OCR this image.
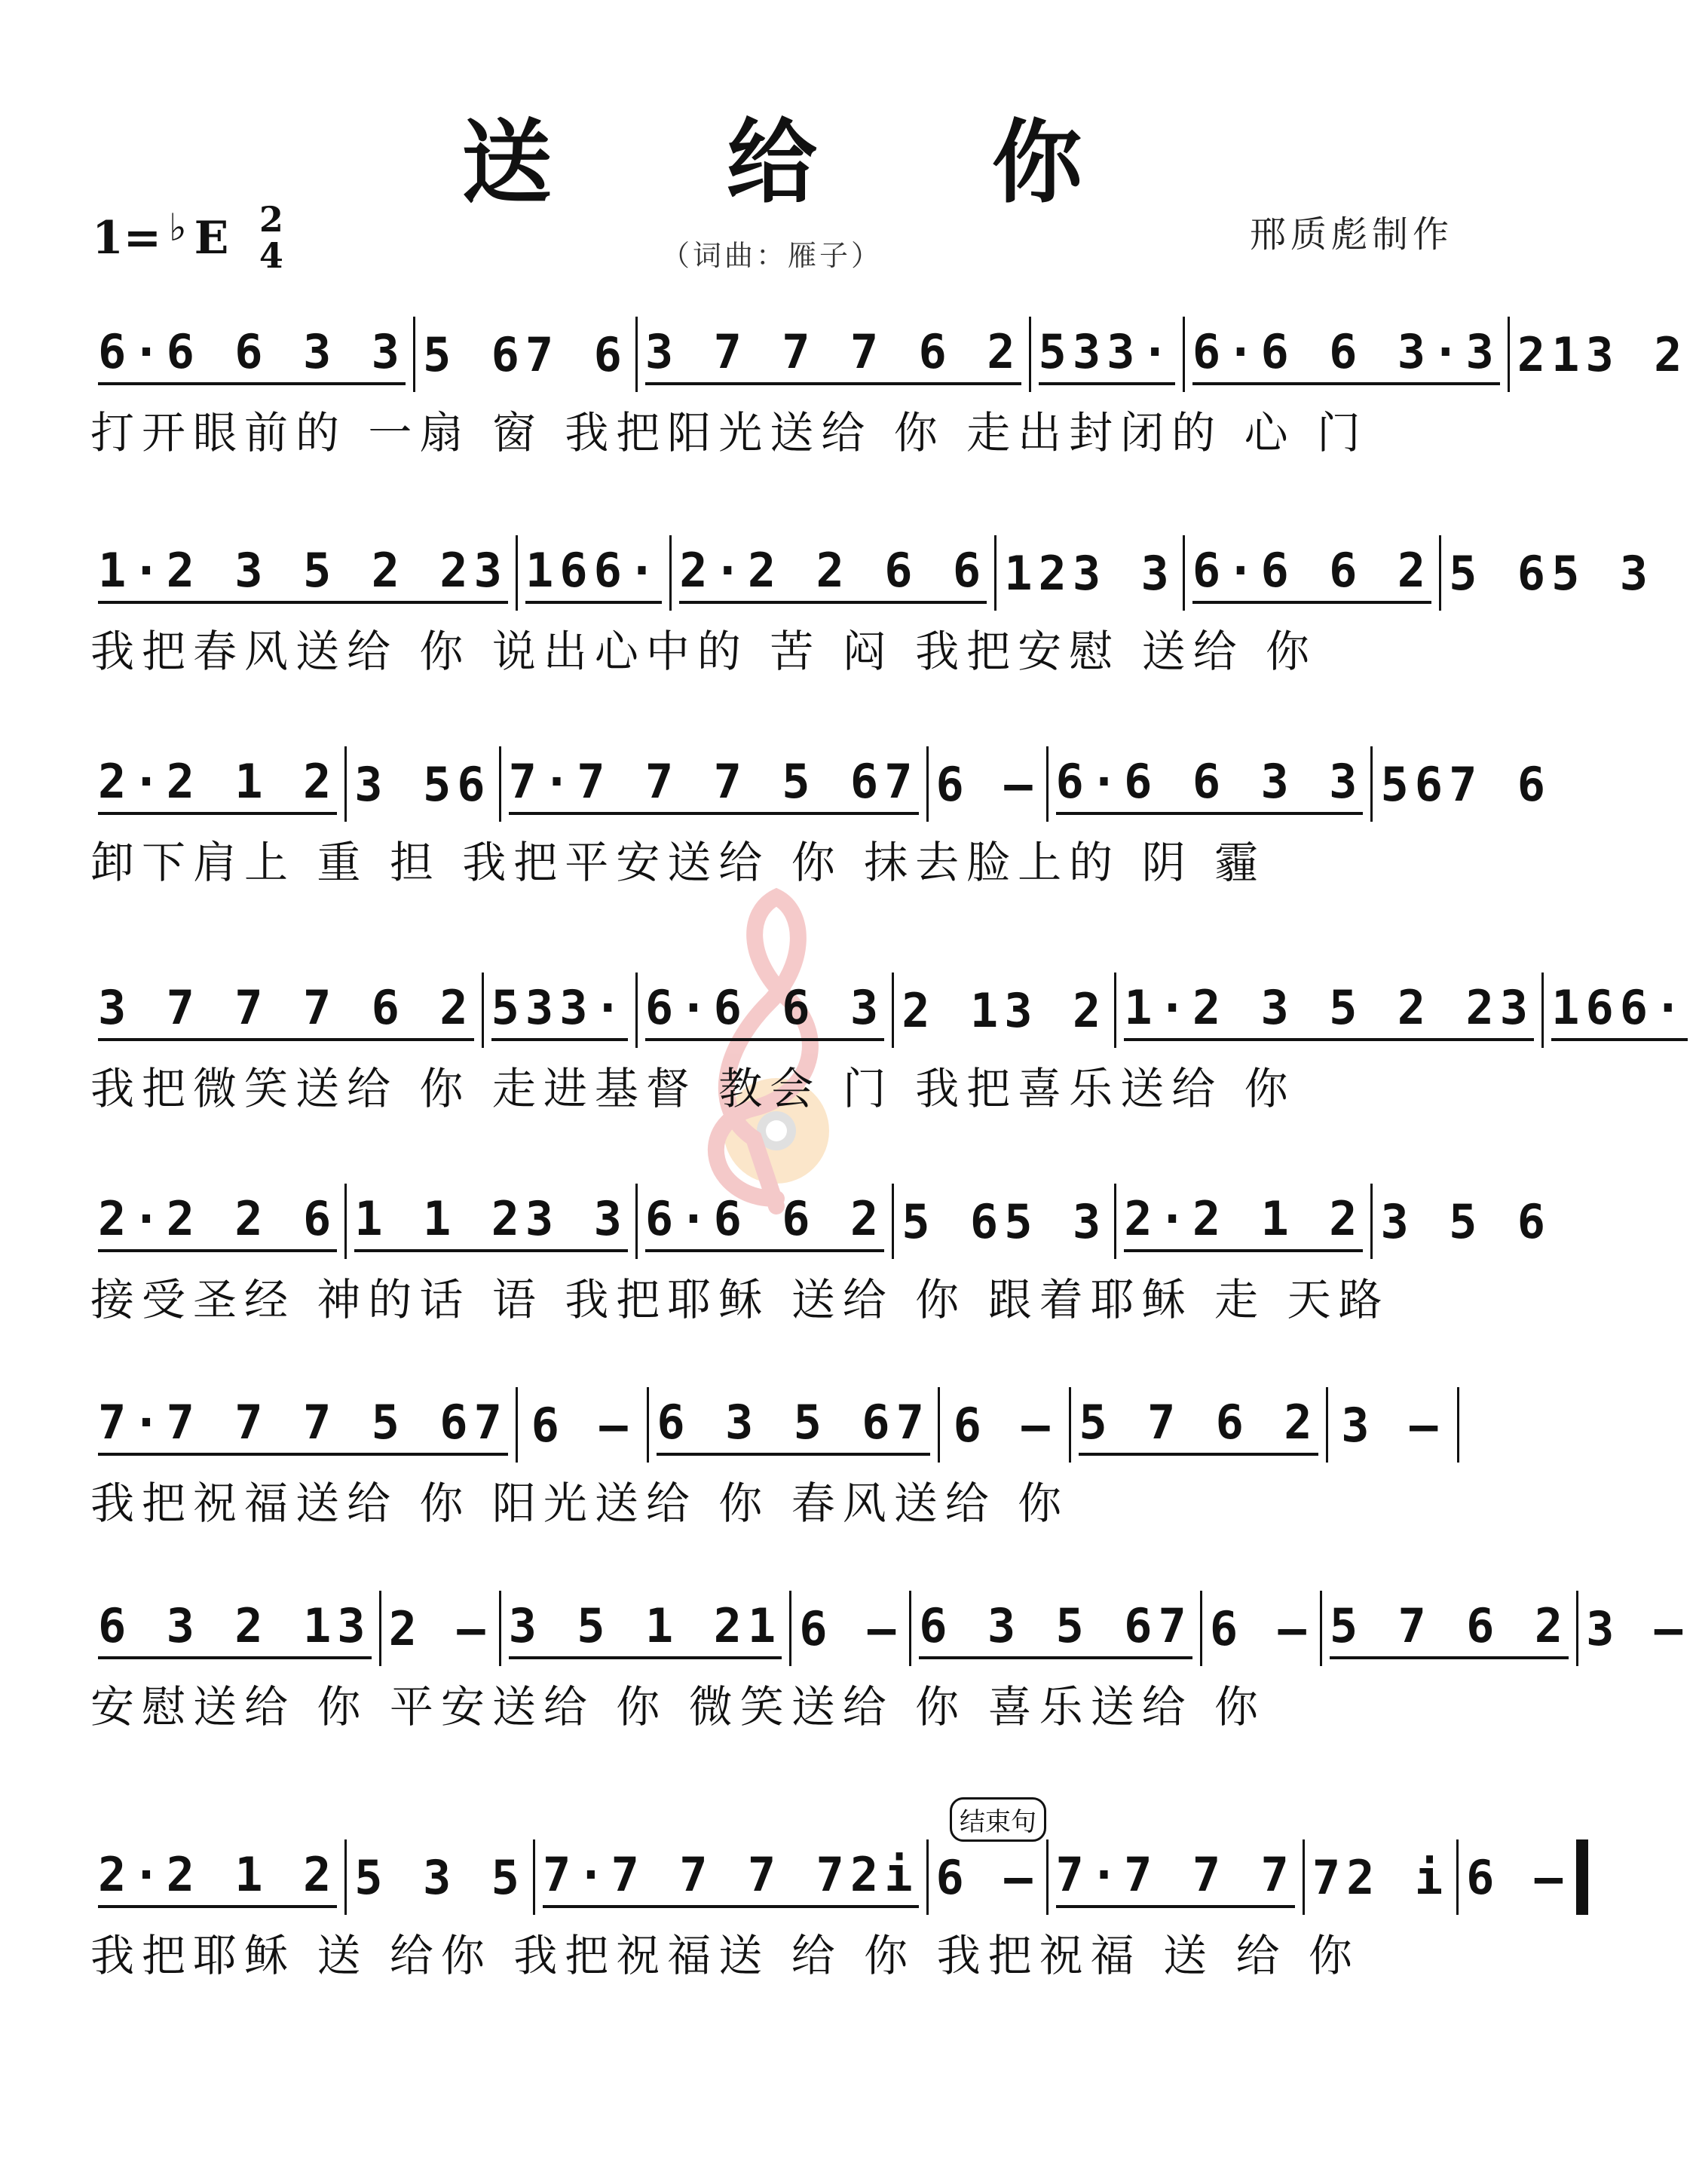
送 给 你
1= ♭ E 2
4	（词曲：雁子）	邢质彪制作
6·6 6 3 3 5 67 6 3 7 7 7 6 2 533· 6·6 6 3·3 213 2
打开眼前的 一扇 窗 我把阳光送给 你 走出封闭的 心 门
1·2 3 5 2 23 166· 2·2 2 6 6 123 3 6·6 6 2 5 65 3
我把春风送给 你 说出心中的 苦 闷 我把安慰 送给 你
2·2 1 2 3 56 7·7 7 7 5 67 6 – 6·6 6 3 3 567 6
卸下肩上 重 担 我把平安送给 你 抹去脸上的 阴 霾
3 7 7 7 6 2 533· 6·6 6 3 2 13 2 1·2 3 5 2 23 166·
我把微笑送给 你 走进基督 教会 门 我把喜乐送给 你
2·2 2 6 1 1 23 3 6·6 6 2 5 65 3 2·2 1 2 3 5 6
接受圣经 神的话 语 我把耶稣 送给 你 跟着耶稣 走 天路
7·7 7 7 5 67 6 – 6 3 5 67 6 – 5 7 6 2 3 –
我把祝福送给 你 阳光送给 你 春风送给 你
6 3 2 13 2 – 3 5 1 21 6 – 6 3 5 67 6 – 5 7 6 2 3 –
安慰送给 你 平安送给 你 微笑送给 你 喜乐送给 你
2·2 1 2 5 3 5 7·7 7 7 72i 6 – 7·7 7 7 72 i 6 –
我把耶稣 送 给你 我把祝福送 给 你 我把祝福 送 给 你
结束句
